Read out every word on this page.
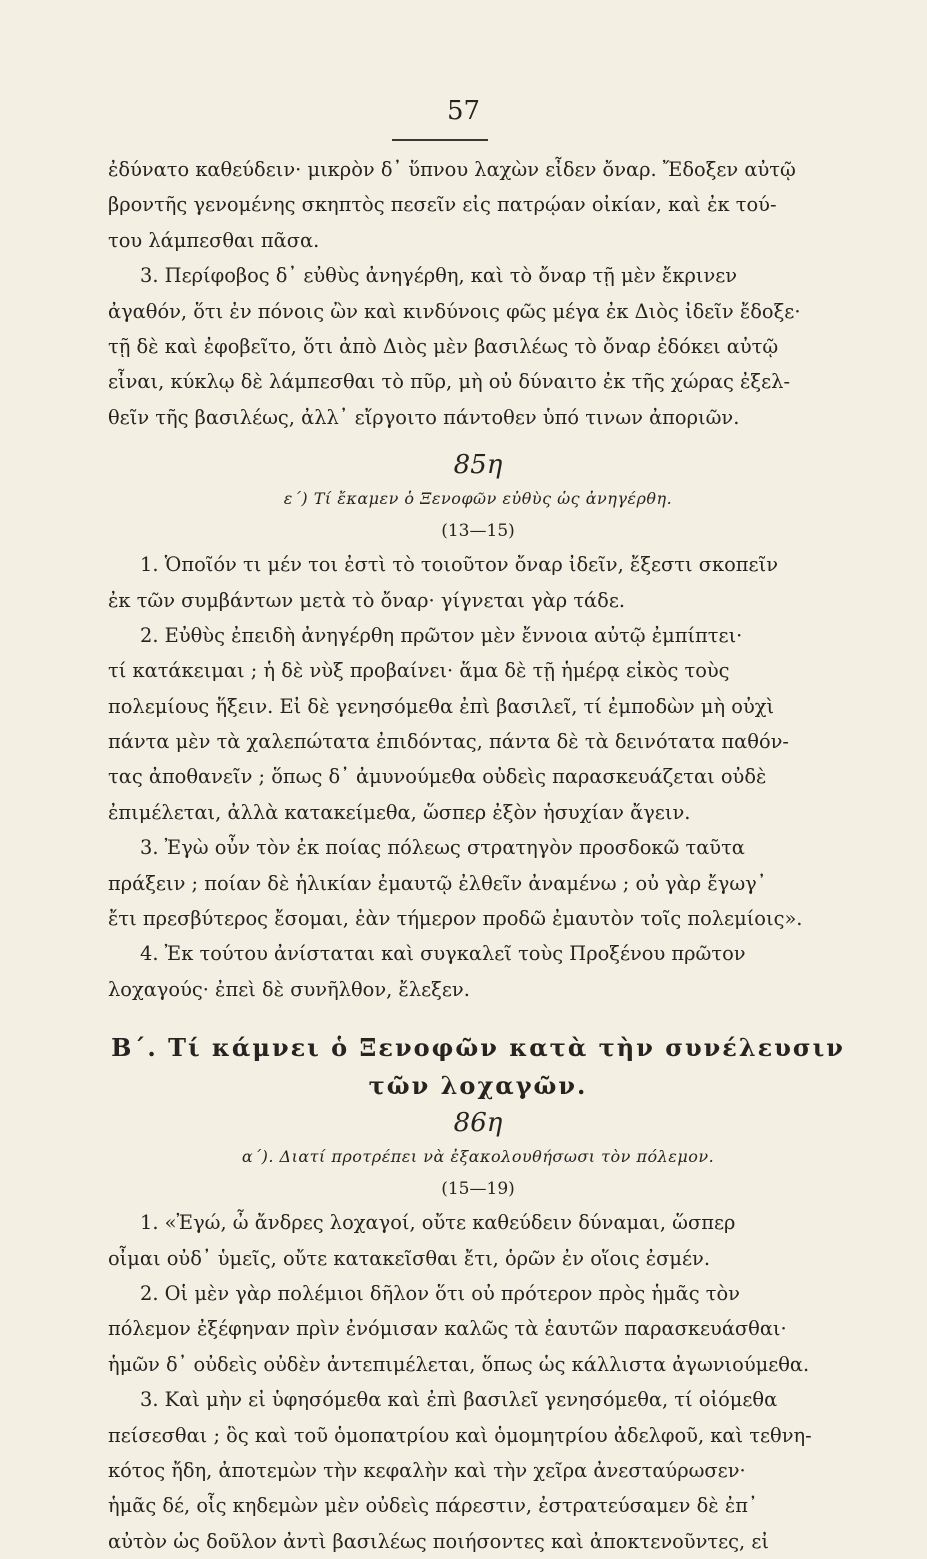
57
ἐδύνατο καθεύδειν· μικρὸν δ᾽ ὕπνου λαχὼν εἶδεν ὄναρ. Ἔδοξεν αὐτῷ
βροντῆς γενομένης σκηπτὸς πεσεῖν εἰς πατρῴαν οἰκίαν, καὶ ἐκ τού-
του λάμπεσθαι πᾶσα.
3. Περίφοβος δ᾽ εὐθὺς ἀνηγέρθη, καὶ τὸ ὄναρ τῇ μὲν ἔκρινεν
ἀγαθόν, ὅτι ἐν πόνοις ὢν καὶ κινδύνοις φῶς μέγα ἐκ Διὸς ἰδεῖν ἔδοξε·
τῇ δὲ καὶ ἐφοβεῖτο, ὅτι ἀπὸ Διὸς μὲν βασιλέως τὸ ὄναρ ἐδόκει αὐτῷ
εἶναι, κύκλῳ δὲ λάμπεσθαι τὸ πῦρ, μὴ οὐ δύναιτο ἐκ τῆς χώρας ἐξελ-
θεῖν τῆς βασιλέως, ἀλλ᾽ εἴργοιτο πάντοθεν ὑπό τινων ἀποριῶν.
85η
ε΄) Τί ἔκαμεν ὁ Ξενοφῶν εὐθὺς ὡς ἀνηγέρθη.
(13—15)
1. Ὁποῖόν τι μέν τοι ἐστὶ τὸ τοιοῦτον ὄναρ ἰδεῖν, ἔξεστι σκοπεῖν
ἐκ τῶν συμβάντων μετὰ τὸ ὄναρ· γίγνεται γὰρ τάδε.
2. Εὐθὺς ἐπειδὴ ἀνηγέρθη πρῶτον μὲν ἔννοια αὐτῷ ἐμπίπτει·
τί κατάκειμαι ; ἡ δὲ νὺξ προβαίνει· ἅμα δὲ τῇ ἡμέρᾳ εἰκὸς τοὺς
πολεμίους ἥξειν. Εἰ δὲ γενησόμεθα ἐπὶ βασιλεῖ, τί ἐμποδὼν μὴ οὐχὶ
πάντα μὲν τὰ χαλεπώτατα ἐπιδόντας, πάντα δὲ τὰ δεινότατα παθόν-
τας ἀποθανεῖν ; ὅπως δ᾽ ἀμυνούμεθα οὐδεὶς παρασκευάζεται οὐδὲ
ἐπιμέλεται, ἀλλὰ κατακείμεθα, ὥσπερ ἐξὸν ἡσυχίαν ἄγειν.
3. Ἐγὼ οὖν τὸν ἐκ ποίας πόλεως στρατηγὸν προσδοκῶ ταῦτα
πράξειν ; ποίαν δὲ ἡλικίαν ἐμαυτῷ ἐλθεῖν ἀναμένω ; οὐ γὰρ ἔγωγ᾽
ἔτι πρεσβύτερος ἔσομαι, ἐὰν τήμερον προδῶ ἐμαυτὸν τοῖς πολεμίοις».
4. Ἐκ τούτου ἀνίσταται καὶ συγκαλεῖ τοὺς Προξένου πρῶτον
λοχαγούς· ἐπεὶ δὲ συνῆλθον, ἔλεξεν.
Β΄. Τί κάμνει ὁ Ξενοφῶν κατὰ τὴν συνέλευσιν
τῶν λοχαγῶν.
86η
α΄). Διατί προτρέπει νὰ ἐξακολουθήσωσι τὸν πόλεμον.
(15—19)
1. «Ἐγώ, ὦ ἄνδρες λοχαγοί, οὔτε καθεύδειν δύναμαι, ὥσπερ
οἶμαι οὐδ᾽ ὑμεῖς, οὔτε κατακεῖσθαι ἔτι, ὁρῶν ἐν οἵοις ἐσμέν.
2. Οἱ μὲν γὰρ πολέμιοι δῆλον ὅτι οὐ πρότερον πρὸς ἡμᾶς τὸν
πόλεμον ἐξέφηναν πρὶν ἐνόμισαν καλῶς τὰ ἑαυτῶν παρασκευάσθαι·
ἡμῶν δ᾽ οὐδεὶς οὐδὲν ἀντεπιμέλεται, ὅπως ὡς κάλλιστα ἀγωνιούμεθα.
3. Καὶ μὴν εἰ ὑφησόμεθα καὶ ἐπὶ βασιλεῖ γενησόμεθα, τί οἰόμεθα
πείσεσθαι ; ὃς καὶ τοῦ ὁμοπατρίου καὶ ὁμομητρίου ἀδελφοῦ, καὶ τεθνη-
κότος ἤδη, ἀποτεμὼν τὴν κεφαλὴν καὶ τὴν χεῖρα ἀνεσταύρωσεν·
ἡμᾶς δέ, οἷς κηδεμὼν μὲν οὐδεὶς πάρεστιν, ἐστρατεύσαμεν δὲ ἐπ᾽
αὐτὸν ὡς δοῦλον ἀντὶ βασιλέως ποιήσοντες καὶ ἀποκτενοῦντες, εἰ
